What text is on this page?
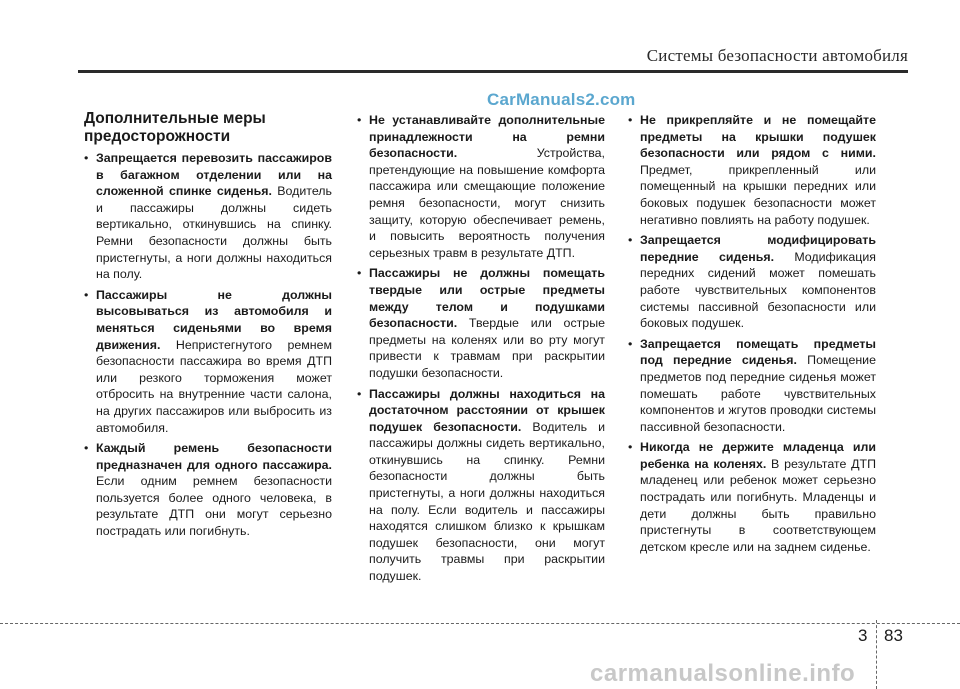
Системы безопасности автомобиля
CarManuals2.com
Дополнительные меры предосторожности
• Запрещается перевозить пассажиров в багажном отделении или на сложенной спинке сиденья. Водитель и пассажиры должны сидеть вертикально, откинувшись на спинку. Ремни безопасности должны быть пристегнуты, а ноги должны находиться на полу.
• Пассажиры не должны высовываться из автомобиля и меняться сиденьями во время движения. Непристегнутого ремнем безопасности пассажира во время ДТП или резкого торможения может отбросить на внутренние части салона, на других пассажиров или выбросить из автомобиля.
• Каждый ремень безопасности предназначен для одного пассажира. Если одним ремнем безопасности пользуется более одного человека, в результате ДТП они могут серьезно пострадать или погибнуть.
• Не устанавливайте дополнительные принадлежности на ремни безопасности. Устройства, претендующие на повышение комфорта пассажира или смещающие положение ремня безопасности, могут снизить защиту, которую обеспечивает ремень, и повысить вероятность получения серьезных травм в результате ДТП.
• Пассажиры не должны помещать твердые или острые предметы между телом и подушками безопасности. Твердые или острые предметы на коленях или во рту могут привести к травмам при раскрытии подушки безопасности.
• Пассажиры должны находиться на достаточном расстоянии от крышек подушек безопасности. Водитель и пассажиры должны сидеть вертикально, откинувшись на спинку. Ремни безопасности должны быть пристегнуты, а ноги должны находиться на полу. Если водитель и пассажиры находятся слишком близко к крышкам подушек безопасности, они могут получить травмы при раскрытии подушек.
• Не прикрепляйте и не помещайте предметы на крышки подушек безопасности или рядом с ними. Предмет, прикрепленный или помещенный на крышки передних или боковых подушек безопасности может негативно повлиять на работу подушек.
• Запрещается модифицировать передние сиденья. Модификация передних сидений может помешать работе чувствительных компонентов системы пассивной безопасности или боковых подушек.
• Запрещается помещать предметы под передние сиденья. Помещение предметов под передние сиденья может помешать работе чувствительных компонентов и жгутов проводки системы пассивной безопасности.
• Никогда не держите младенца или ребенка на коленях. В результате ДТП младенец или ребенок может серьезно пострадать или погибнуть. Младенцы и дети должны быть правильно пристегнуты в соответствующем детском кресле или на заднем сиденье.
3 83
carmanualsonline.info
